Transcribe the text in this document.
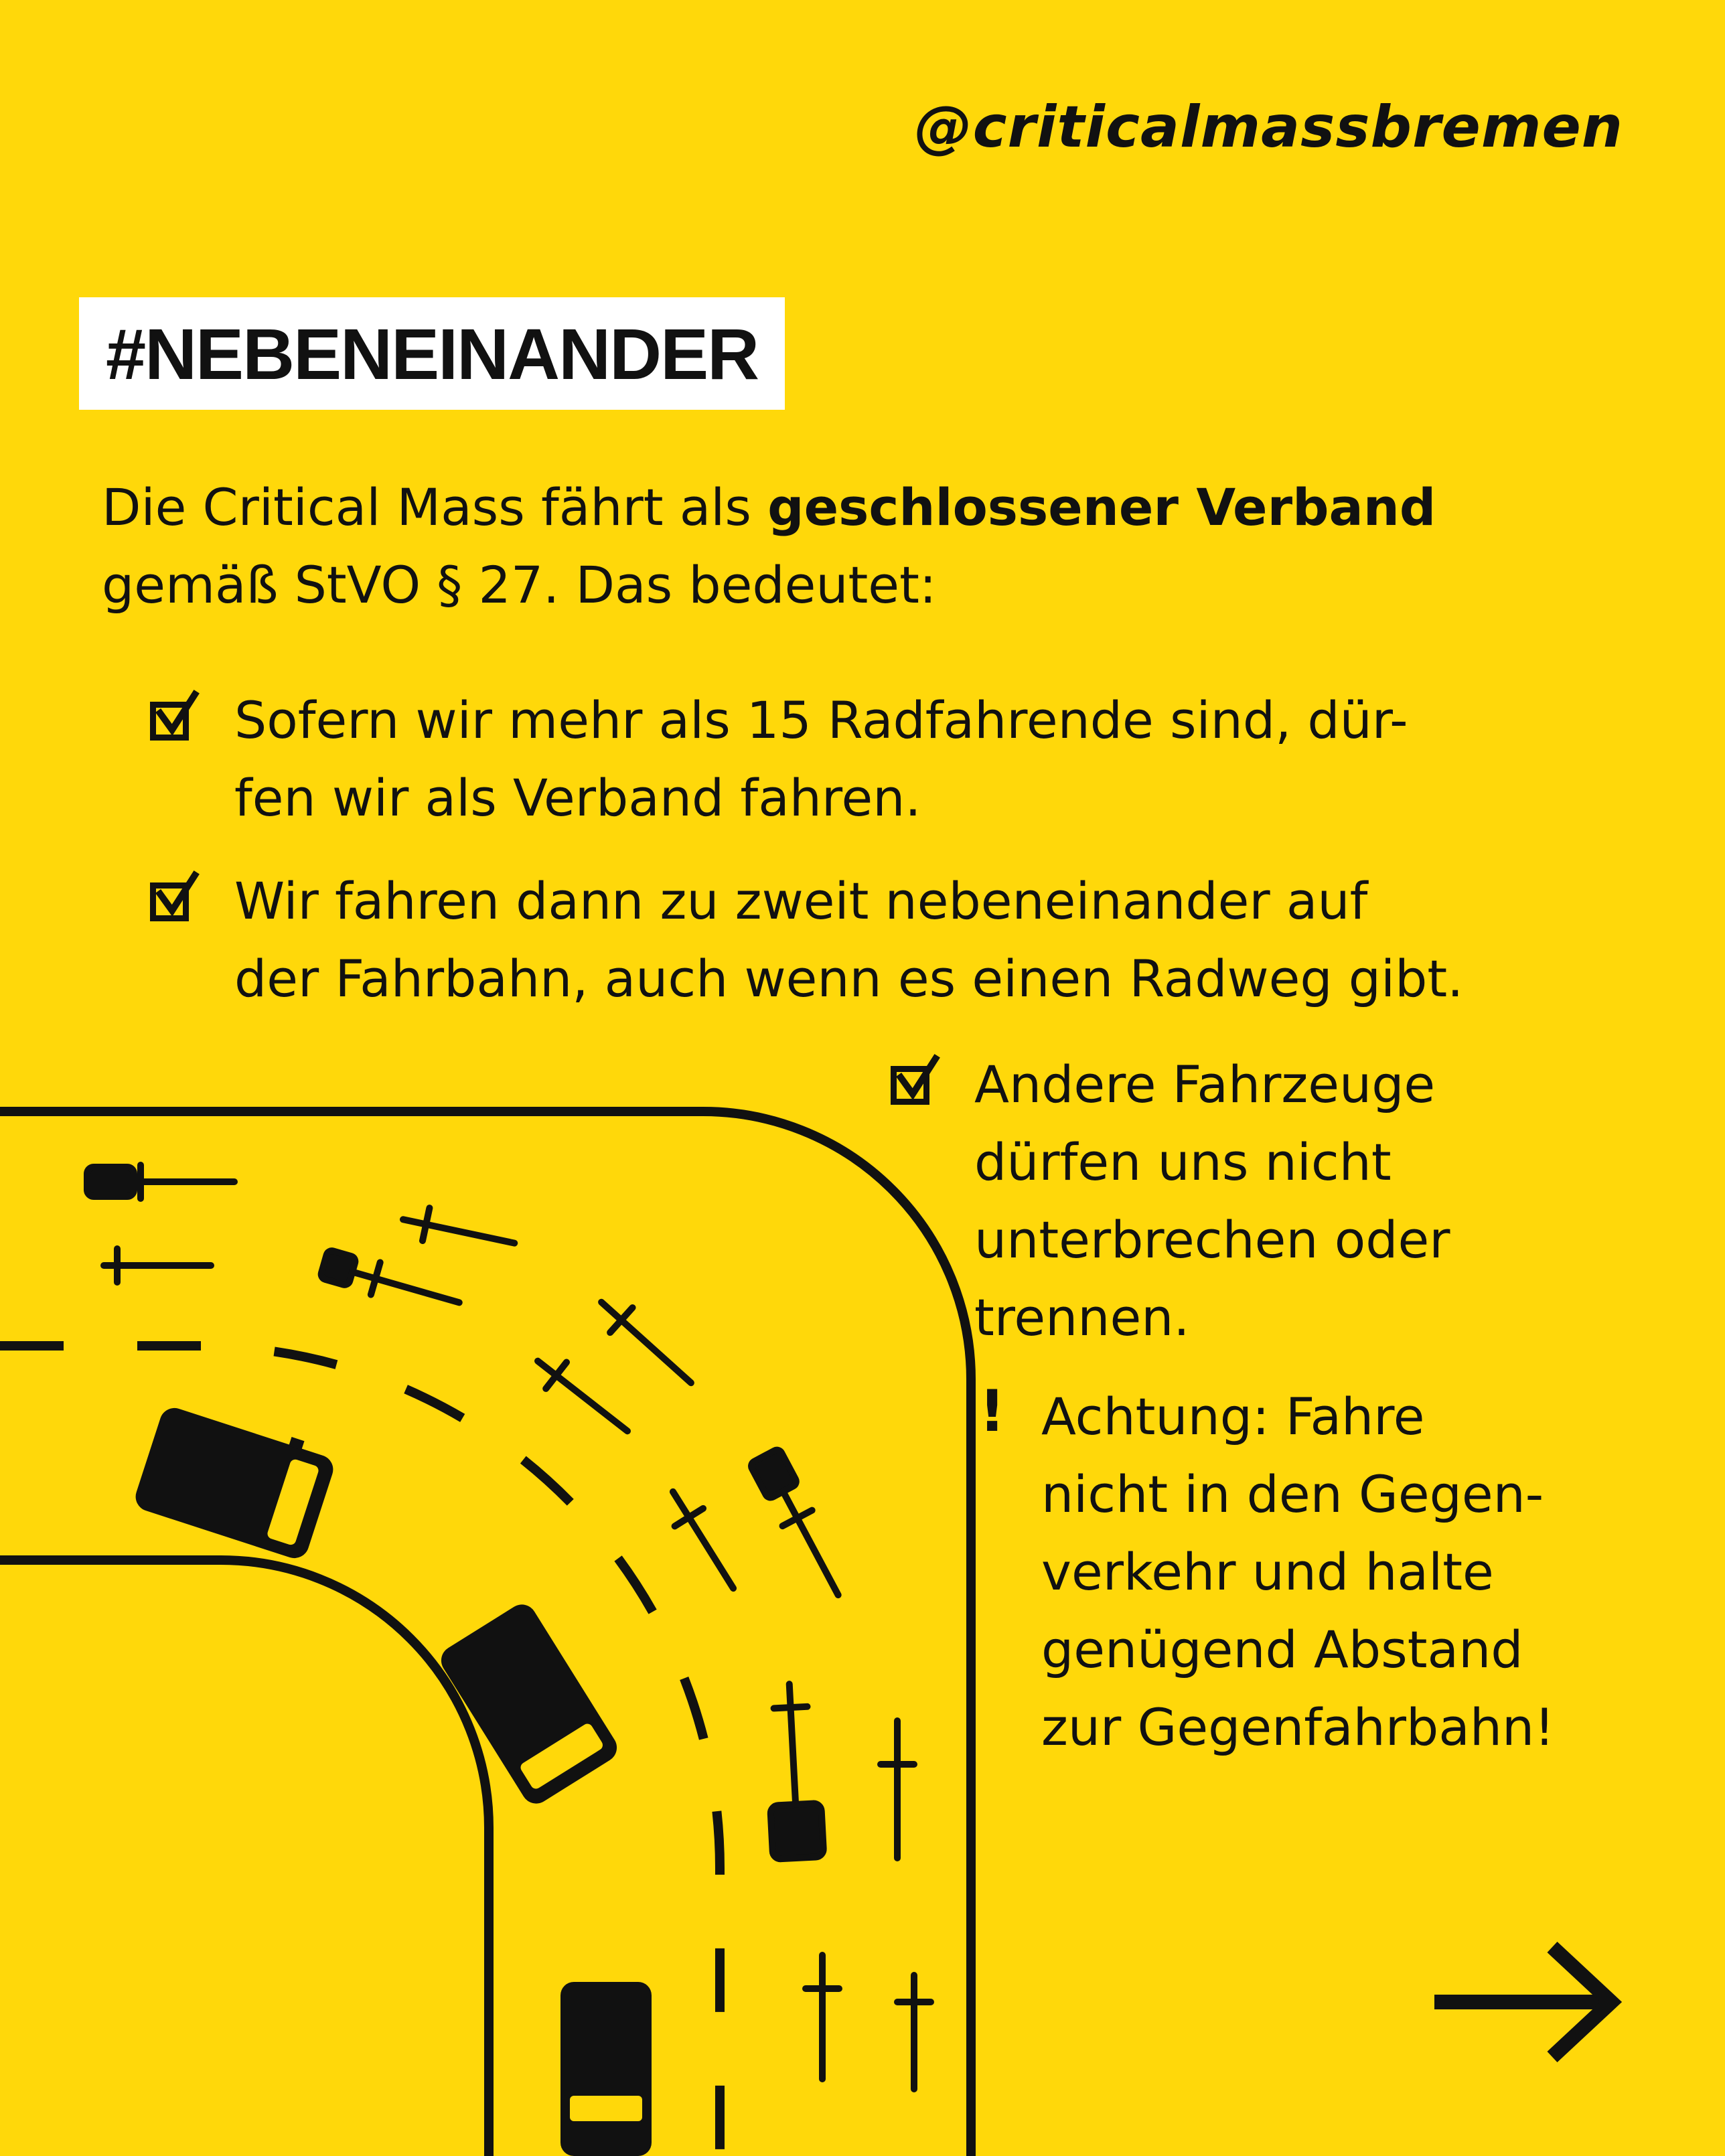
@criticalmassbremen
#NEBENEINANDER
Die Critical Mass fährt als geschlossener Verband
gemäß StVO § 27. Das bedeutet:
Sofern wir mehr als 15 Radfahrende sind, dür-
fen wir als Verband fahren.
Wir fahren dann zu zweit nebeneinander auf
der Fahrbahn, auch wenn es einen Radweg gibt.
Andere Fahrzeuge
dürfen uns nicht
unterbrechen oder
trennen.
! Achtung: Fahre
nicht in den Gegen-
verkehr und halte
genügend Abstand
zur Gegenfahrbahn!
